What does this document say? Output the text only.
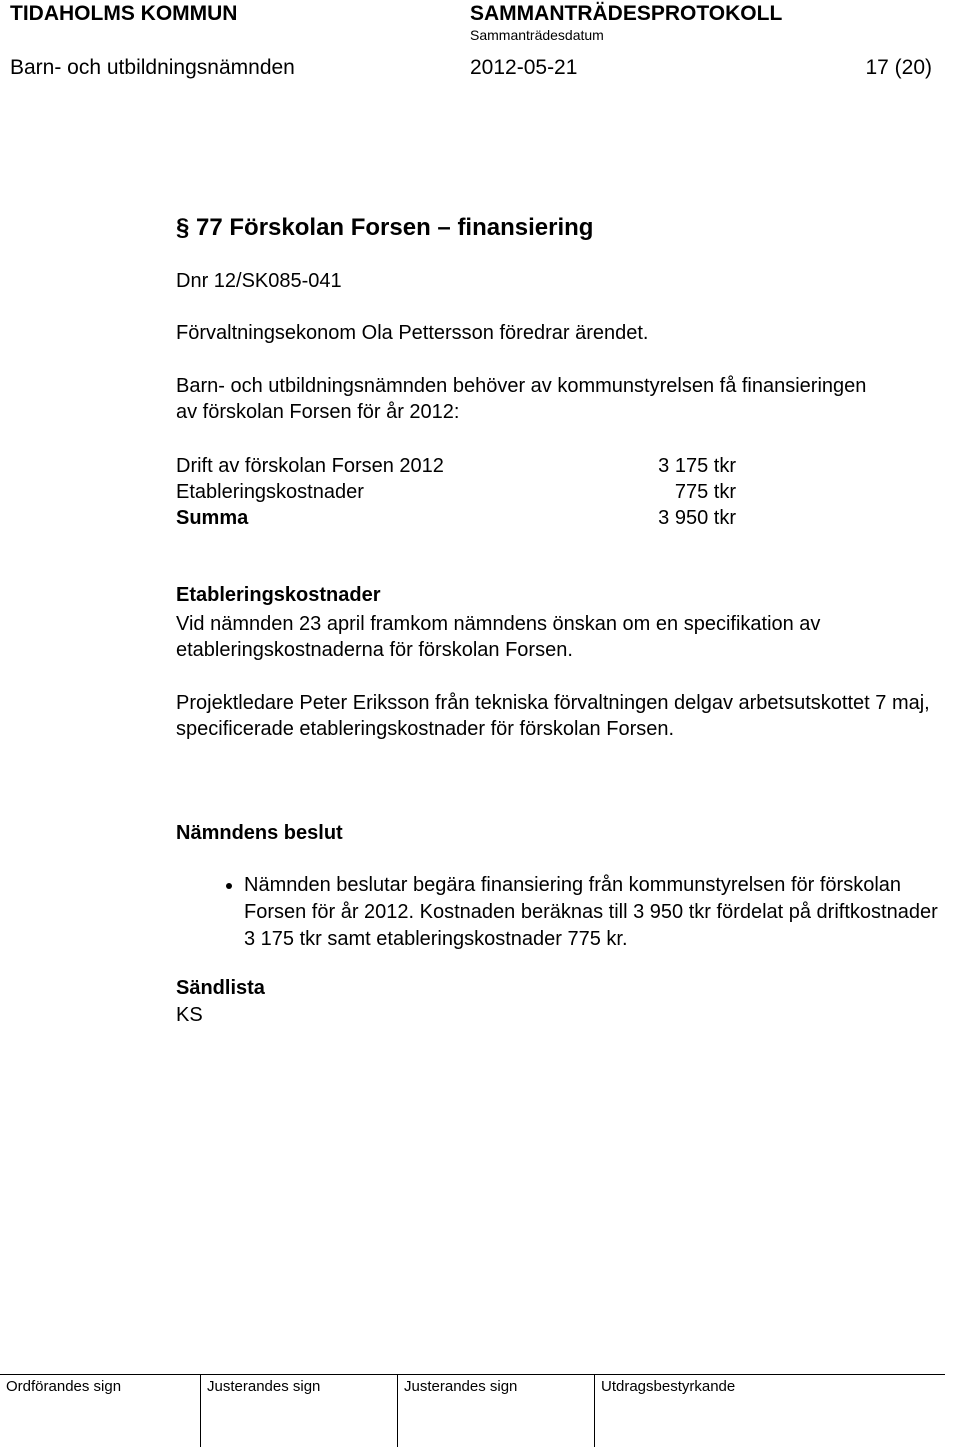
TIDAHOLMS KOMMUN	SAMMANTRÄDESPROTOKOLL
Sammanträdesdatum
Barn- och utbildningsnämnden	2012-05-21	17 (20)
§ 77 Förskolan Forsen – finansiering
Dnr 12/SK085-041
Förvaltningsekonom Ola Pettersson föredrar ärendet.
Barn- och utbildningsnämnden behöver av kommunstyrelsen få finansieringen av förskolan Forsen för år 2012:
Drift av förskolan Forsen 2012	3 175 tkr
Etableringskostnader	775 tkr
Summa	3 950 tkr
Etableringskostnader
Vid nämnden 23 april framkom nämndens önskan om en specifikation av etableringskostnaderna för förskolan Forsen.
Projektledare Peter Eriksson från tekniska förvaltningen delgav arbetsutskottet 7 maj, specificerade etableringskostnader för förskolan Forsen.
Nämndens beslut
• Nämnden beslutar begära finansiering från kommunstyrelsen för förskolan Forsen för år 2012. Kostnaden beräknas till 3 950 tkr fördelat på driftkostnader 3 175 tkr samt etableringskostnader 775 kr.
Sändlista
KS
Ordförandes sign	Justerandes sign	Justerandes sign	Utdragsbestyrkande
